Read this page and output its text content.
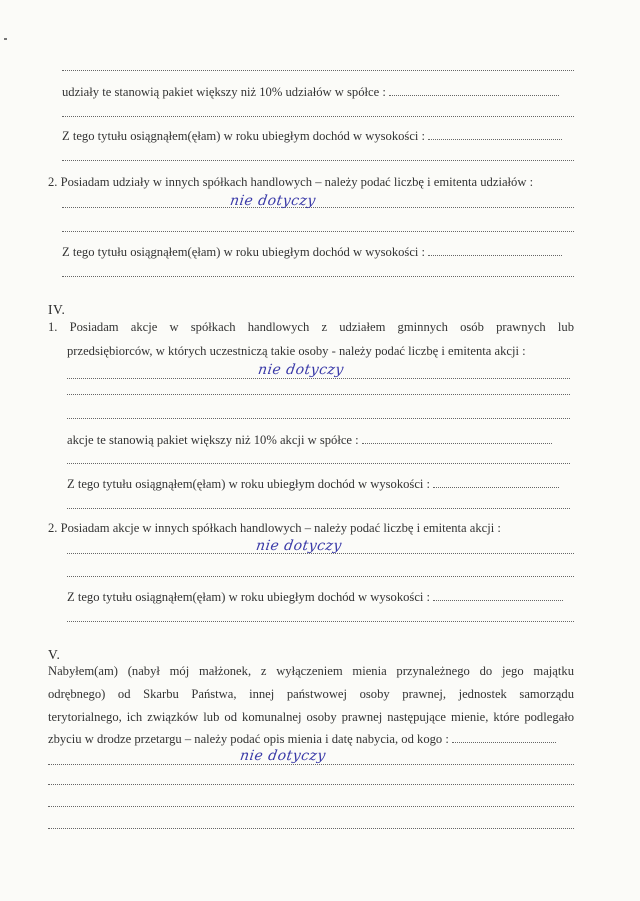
udziały te stanowią pakiet większy niż 10% udziałów w spółce :
Z tego tytułu osiągnąłem(ęłam) w roku ubiegłym dochód w wysokości :
2. Posiadam udziały w innych spółkach handlowych – należy podać liczbę i emitenta udziałów :
nie dotyczy
Z tego tytułu osiągnąłem(ęłam) w roku ubiegłym dochód w wysokości :
IV.
1. Posiadam akcje w spółkach handlowych z udziałem gminnych osób prawnych lub
przedsiębiorców, w których uczestniczą takie osoby - należy podać liczbę i emitenta akcji :
nie dotyczy
akcje te stanowią pakiet większy niż 10% akcji w spółce :
Z tego tytułu osiągnąłem(ęłam) w roku ubiegłym dochód w wysokości :
2. Posiadam akcje w innych spółkach handlowych – należy podać liczbę i emitenta akcji :
nie dotyczy
Z tego tytułu osiągnąłem(ęłam) w roku ubiegłym dochód w wysokości :
V.
Nabyłem(am) (nabył mój małżonek, z wyłączeniem mienia przynależnego do jego majątku
odrębnego) od Skarbu Państwa, innej państwowej osoby prawnej, jednostek samorządu
terytorialnego, ich związków lub od komunalnej osoby prawnej następujące mienie, które podlegało
zbyciu w drodze przetargu – należy podać opis mienia i datę nabycia, od kogo :
nie dotyczy
